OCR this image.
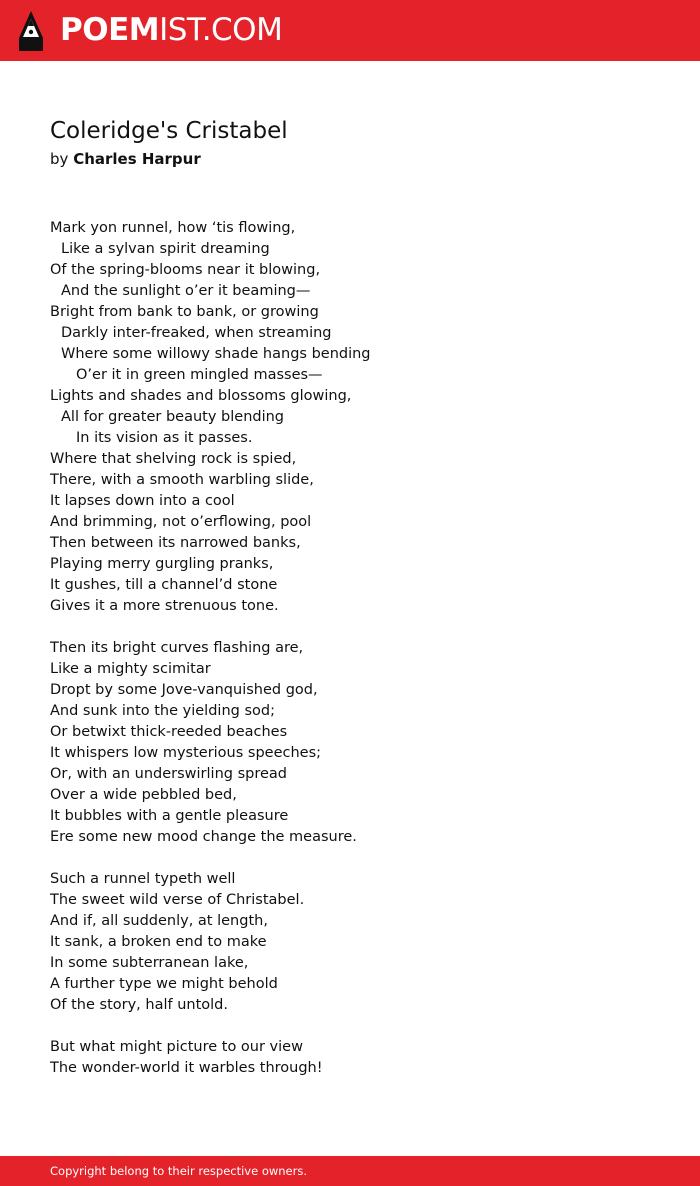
POEMIST.COM
Coleridge's Cristabel

by Charles Harpur

Mark yon runnel, how ‘tis flowing,
Like a sylvan spirit dreaming
Of the spring-blooms near it blowing,
And the sunlight o’er it beaming—
Bright from bank to bank, or growing
Darkly inter-freaked, when streaming
Where some willowy shade hangs bending
O’er it in green mingled masses—
Lights and shades and blossoms glowing,
All for greater beauty blending
In its vision as it passes.
Where that shelving rock is spied,
There, with a smooth warbling slide,
It lapses down into a cool
And brimming, not o’erflowing, pool
Then between its narrowed banks,
Playing merry gurgling pranks,
It gushes, till a channel’d stone
Gives it a more strenuous tone.
Then its bright curves flashing are,
Like a mighty scimitar
Dropt by some Jove-vanquished god,
And sunk into the yielding sod;
Or betwixt thick-reeded beaches
It whispers low mysterious speeches;
Or, with an underswirling spread
Over a wide pebbled bed,
It bubbles with a gentle pleasure
Ere some new mood change the measure.
Such a runnel typeth well
The sweet wild verse of Christabel.
And if, all suddenly, at length,
It sank, a broken end to make
In some subterranean lake,
A further type we might behold
Of the story, half untold.
But what might picture to our view
The wonder-world it warbles through!
Copyright belong to their respective owners.
